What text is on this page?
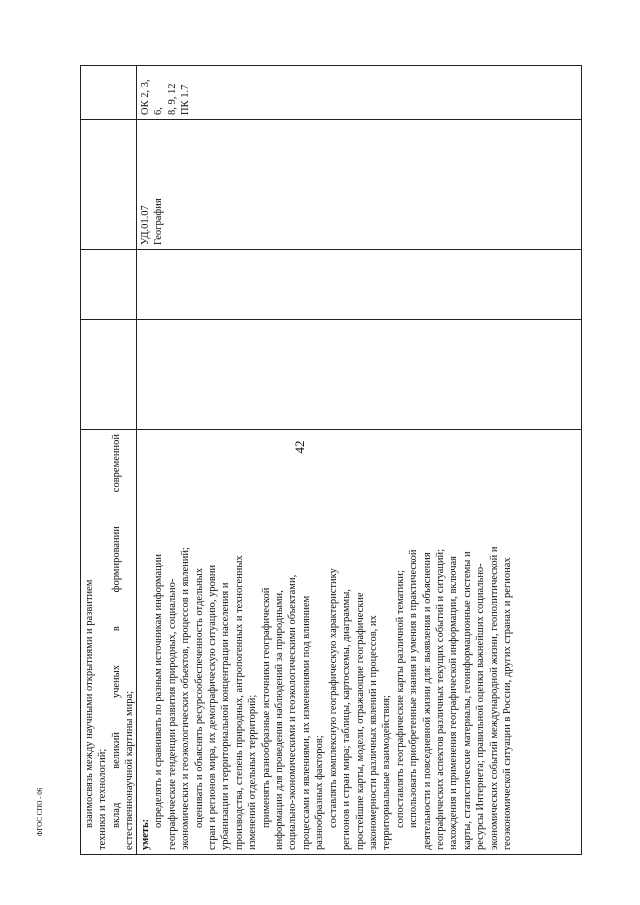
42
ФГОС СПО - 06	взаимосвязь между научными открытиями и развитием техники и технологий; вклад великий ученых в формировании современной естественнонаучной картины мира; уметь:

определять и сравнивать по разным источникам информации географические тенденции развития природных, социально- экономических и геоэкологических объектов, процессов и явлений; оценивать и объяснять ресурсообеспеченность отдельных стран и регионов мира, их демографическую ситуацию, уровни урбанизации и территориальной концентрации населения и производства, степень природных, антропогенных и техногенных изменений отдельных территорий; применять разнообразные источники географической информации для проведения наблюдений за природными, социально-экономическими и геоэкологическими объектами, процессами и явлениями, их изменениями под влиянием разнообразных факторов; составлять комплексную географическую характеристику регионов и стран мира; таблицы, картосхемы, диаграммы, простейшие карты, модели, отражающие географические закономерности различных явлений и процессов, их территориальные взаимодействия; сопоставлять географические карты различной тематики; использовать приобретенные знания и умения в практической деятельности и повседневной жизни для: выявления и объяснения географических аспектов различных текущих событий и ситуаций; нахождения и применения географической информации, включая карты, статистические материалы, геоинформационные системы и ресурсы Интернета; правильной оценки важнейших социально- экономических событий международной жизни, геополитической и геоэкономической ситуации в России, других странах и регионах

УД.01.07 География

ОК 2, 3, 6, 8, 9, 12 ПК 1.7
